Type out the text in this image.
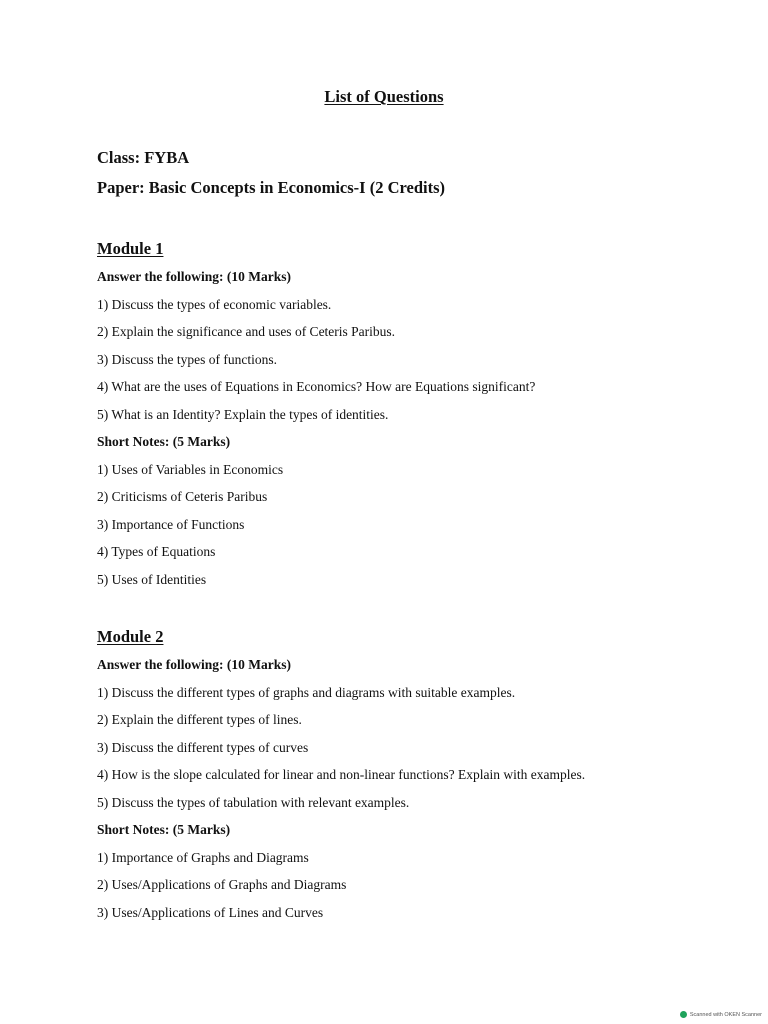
List of Questions
Class: FYBA
Paper: Basic Concepts in Economics-I (2 Credits)
Module 1
Answer the following: (10 Marks)
1) Discuss the types of economic variables.
2) Explain the significance and uses of Ceteris Paribus.
3) Discuss the types of functions.
4) What are the uses of Equations in Economics? How are Equations significant?
5) What is an Identity? Explain the types of identities.
Short Notes: (5 Marks)
1) Uses of Variables in Economics
2) Criticisms of Ceteris Paribus
3) Importance of Functions
4) Types of Equations
5) Uses of Identities
Module 2
Answer the following: (10 Marks)
1) Discuss the different types of graphs and diagrams with suitable examples.
2) Explain the different types of lines.
3) Discuss the different types of curves
4) How is the slope calculated for linear and non-linear functions? Explain with examples.
5) Discuss the types of tabulation with relevant examples.
Short Notes: (5 Marks)
1) Importance of Graphs and Diagrams
2) Uses/Applications of Graphs and Diagrams
3) Uses/Applications of Lines and Curves
Scanned with OKEN Scanner
